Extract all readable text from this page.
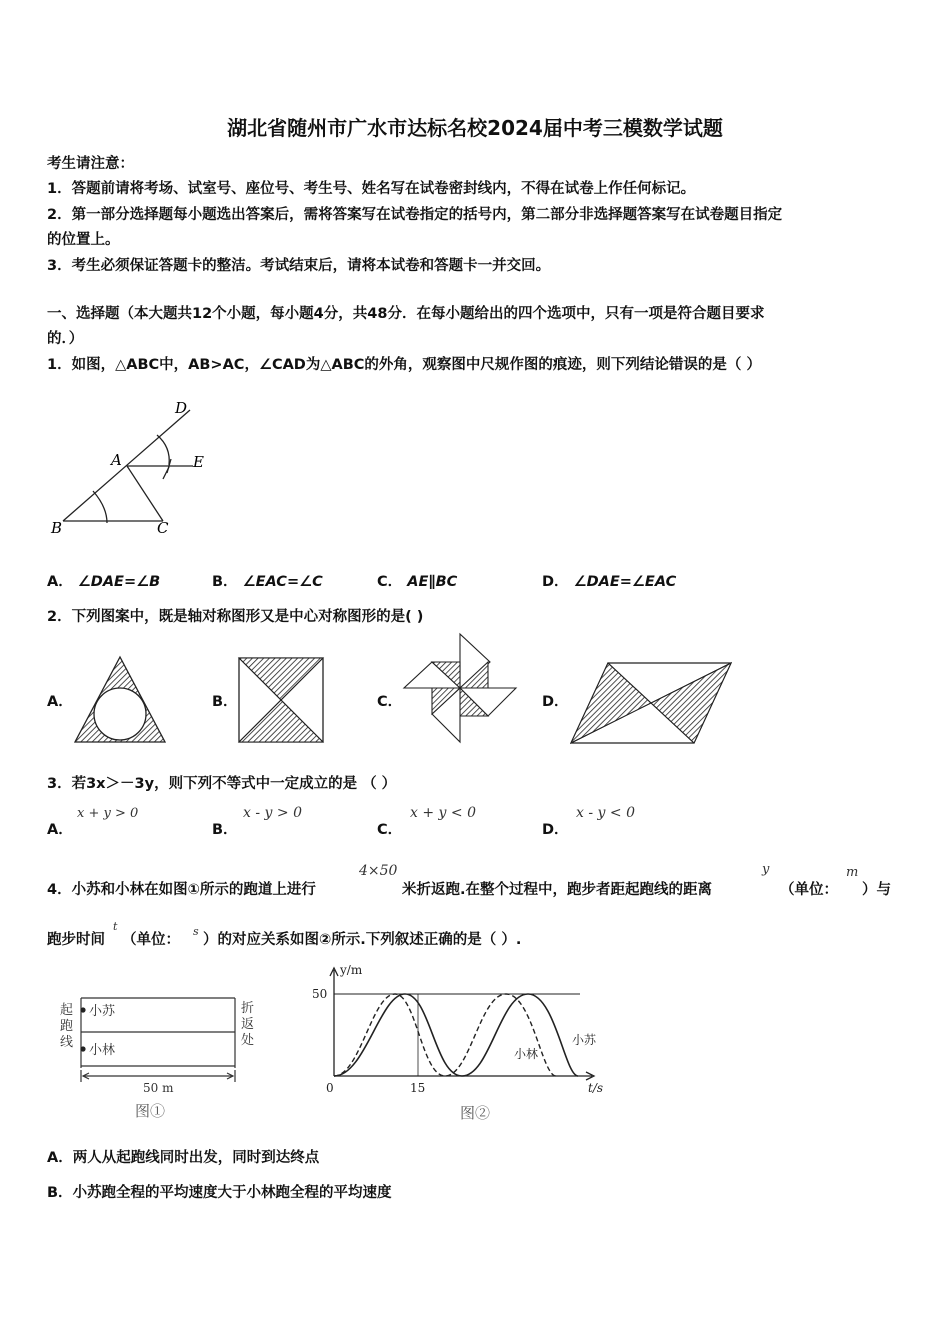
湖北省随州市广水市达标名校2024届中考三模数学试题
考生请注意：
1．答题前请将考场、试室号、座位号、考生号、姓名写在试卷密封线内，不得在试卷上作任何标记。
2．第一部分选择题每小题选出答案后，需将答案写在试卷指定的括号内，第二部分非选择题答案写在试卷题目指定
的位置上。
3．考生必须保证答题卡的整洁。考试结束后，请将本试卷和答题卡一并交回。
一、选择题（本大题共12个小题，每小题4分，共48分．在每小题给出的四个选项中，只有一项是符合题目要求
的．）
1．如图，△ABC中，AB>AC，∠CAD为△ABC的外角，观察图中尺规作图的痕迹，则下列结论错误的是（ ）
D
A	E
B	C
A． ∠DAE=∠B	B． ∠EAC=∠C	C． AE∥BC	D． ∠DAE=∠EAC
2．下列图案中，既是轴对称图形又是中心对称图形的是( )
A．	B．	C．	D．
3．若3x＞－3y，则下列不等式中一定成立的是 （ ）
A．
x + y > 0
B．
x - y > 0
C．
x + y < 0
D．
x - y < 0
4．小苏和小林在如图①所示的跑道上进行
4×50
米折返跑.在整个过程中，跑步者距起跑线的距离
y
（单位：
m
）与
跑步时间
t
（单位：
s
）的对应关系如图②所示.下列叙述正确的是（ ）.
起
跑
线
折
返
处
小苏
小林
50 m
图①
y/m
50
0	15	t/s
小苏
小林
图②
A．两人从起跑线同时出发，同时到达终点
B．小苏跑全程的平均速度大于小林跑全程的平均速度
